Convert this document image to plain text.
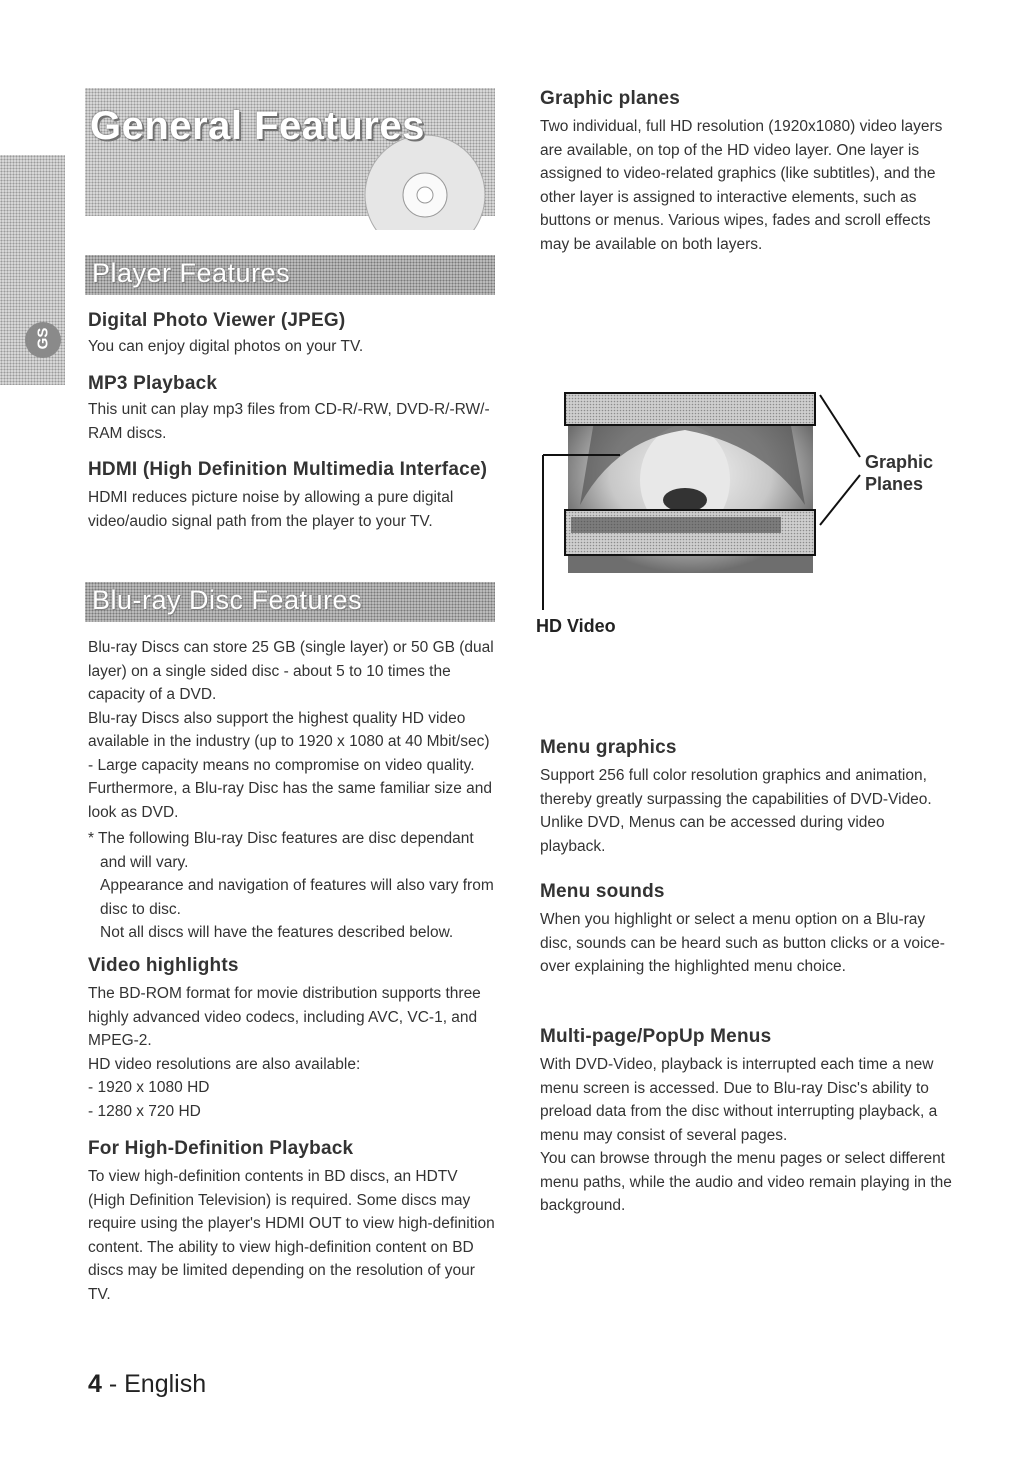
GS
General Features
Player Features

Digital Photo Viewer (JPEG)

You can enjoy digital photos on your TV.

MP3 Playback

This unit can play mp3 files from CD-R/-RW, DVD-R/-RW/-RAM discs.

HDMI (High Definition Multimedia Interface)

HDMI reduces picture noise by allowing a pure digital video/audio signal path from the player to your TV.

Blu-ray Disc Features

Blu-ray Discs can store 25 GB (single layer) or 50 GB (dual layer) on a single sided disc - about 5 to 10 times the capacity of a DVD.

Blu-ray Discs also support the highest quality HD video available in the industry (up to 1920 x 1080 at 40 Mbit/sec) - Large capacity means no compromise on video quality. Furthermore, a Blu-ray Disc has the same familiar size and look as DVD.

* The following Blu-ray Disc features are disc dependant and will vary.

Appearance and navigation of features will also vary from disc to disc.

Not all discs will have the features described below.

Video highlights

The BD-ROM format for movie distribution supports three highly advanced video codecs, including AVC, VC-1, and MPEG-2.

HD video resolutions are also available:

- 1920 x 1080 HD
- 1280 x 720 HD

For High-Definition Playback

To view high-definition contents in BD discs, an HDTV (High Definition Television) is required. Some discs may require using the player's HDMI OUT to view high-definition content. The ability to view high-definition content on BD discs may be limited depending on the resolution of your TV.

Graphic planes

Two individual, full HD resolution (1920x1080) video layers are available, on top of the HD video layer. One layer is assigned to video-related graphics (like subtitles), and the other layer is assigned to interactive elements, such as buttons or menus. Various wipes, fades and scroll effects may be available on both layers.

Graphic
Planes
HD Video

Menu graphics

Support 256 full color resolution graphics and animation, thereby greatly surpassing the capabilities of DVD-Video. Unlike DVD, Menus can be accessed during video playback.

Menu sounds

When you highlight or select a menu option on a Blu-ray disc, sounds can be heard such as button clicks or a voice-over explaining the highlighted menu choice.

Multi-page/PopUp Menus

With DVD-Video, playback is interrupted each time a new menu screen is accessed. Due to Blu-ray Disc's ability to preload data from the disc without interrupting playback, a menu may consist of several pages.

You can browse through the menu pages or select different menu paths, while the audio and video remain playing in the background.

4 - English
